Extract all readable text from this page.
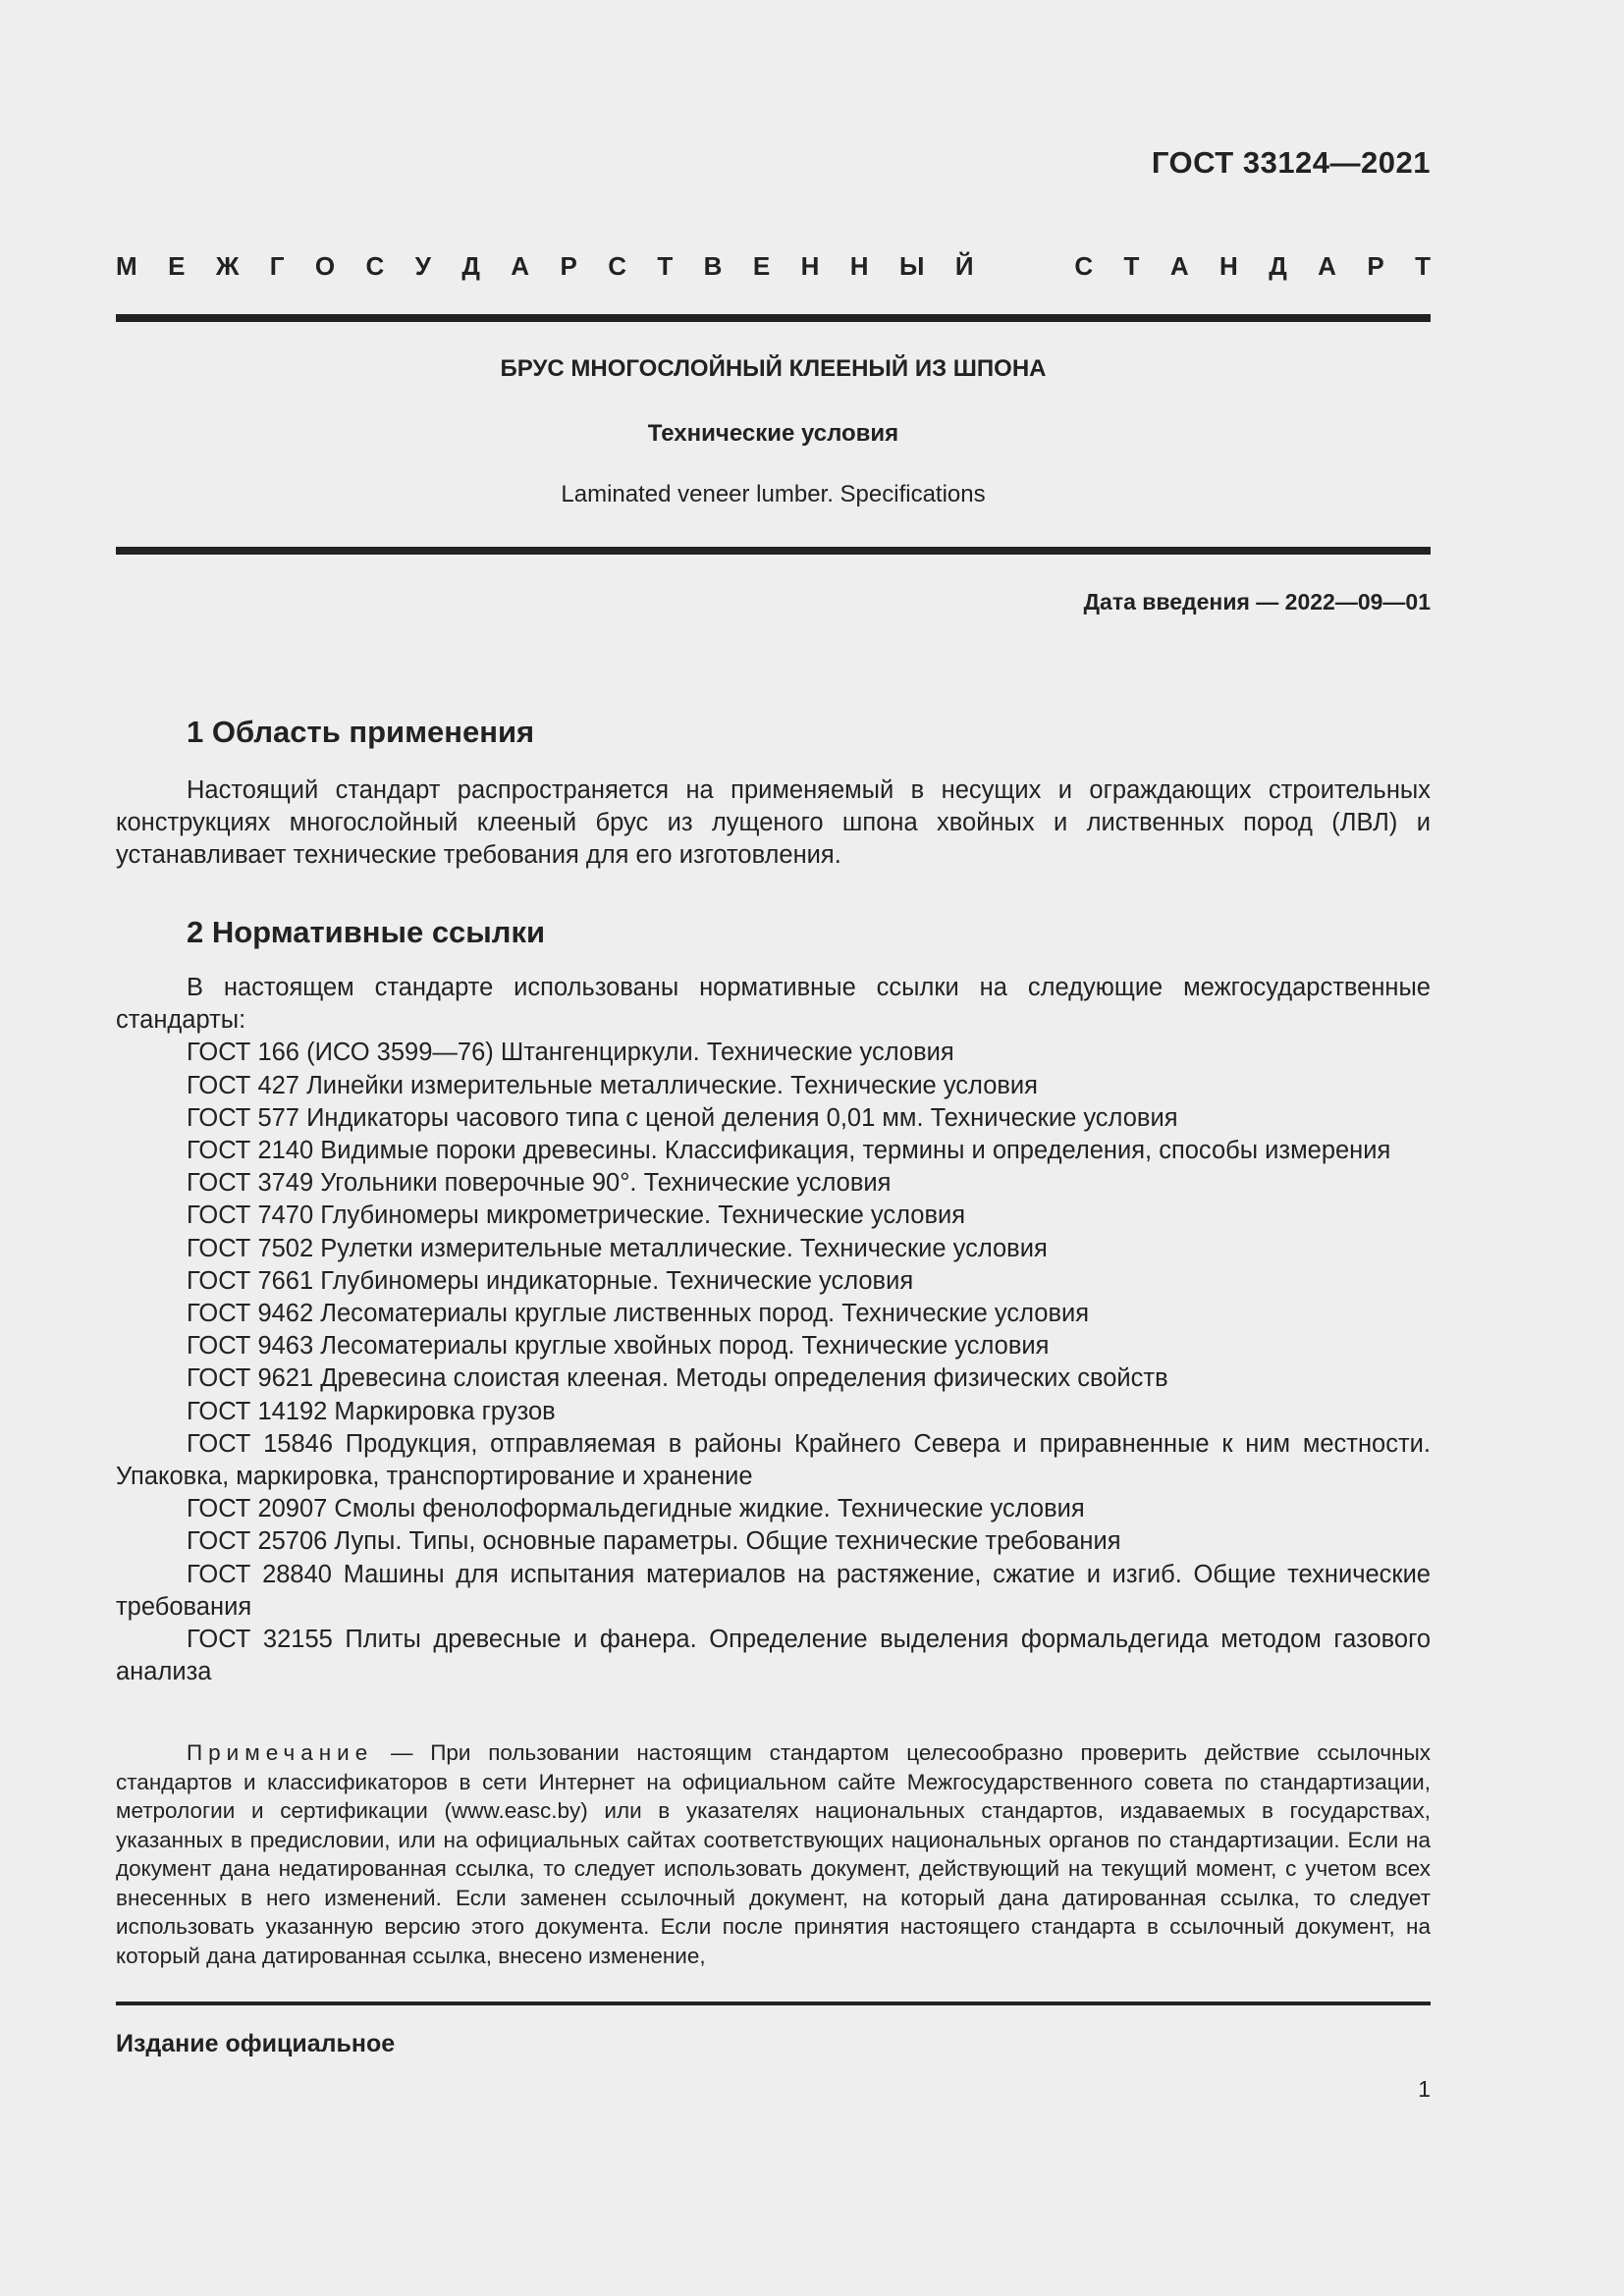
ГОСТ 33124—2021
М Е Ж Г О С У Д А Р С Т В Е Н Н Ы Й	С Т А Н Д А Р Т
БРУС МНОГОСЛОЙНЫЙ КЛЕЕНЫЙ ИЗ ШПОНА
Технические условия
Laminated veneer lumber. Specifications
Дата введения — 2022—09—01
1 Область применения
Настоящий стандарт распространяется на применяемый в несущих и ограждающих строительных конструкциях многослойный клееный брус из лущеного шпона хвойных и лиственных пород (ЛВЛ) и устанавливает технические требования для его изготовления.
2 Нормативные ссылки
В настоящем стандарте использованы нормативные ссылки на следующие межгосударственные стандарты:
ГОСТ 166 (ИСО 3599—76) Штангенциркули. Технические условия
ГОСТ 427 Линейки измерительные металлические. Технические условия
ГОСТ 577 Индикаторы часового типа с ценой деления 0,01 мм. Технические условия
ГОСТ 2140 Видимые пороки древесины. Классификация, термины и определения, способы измерения
ГОСТ 3749 Угольники поверочные 90°. Технические условия
ГОСТ 7470 Глубиномеры микрометрические. Технические условия
ГОСТ 7502 Рулетки измерительные металлические. Технические условия
ГОСТ 7661 Глубиномеры индикаторные. Технические условия
ГОСТ 9462 Лесоматериалы круглые лиственных пород. Технические условия
ГОСТ 9463 Лесоматериалы круглые хвойных пород. Технические условия
ГОСТ 9621 Древесина слоистая клееная. Методы определения физических свойств
ГОСТ 14192 Маркировка грузов
ГОСТ 15846 Продукция, отправляемая в районы Крайнего Севера и приравненные к ним местности. Упаковка, маркировка, транспортирование и хранение
ГОСТ 20907 Смолы фенолоформальдегидные жидкие. Технические условия
ГОСТ 25706 Лупы. Типы, основные параметры. Общие технические требования
ГОСТ 28840 Машины для испытания материалов на растяжение, сжатие и изгиб. Общие технические требования
ГОСТ 32155 Плиты древесные и фанера. Определение выделения формальдегида методом газового анализа
Примечание — При пользовании настоящим стандартом целесообразно проверить действие ссылочных стандартов и классификаторов в сети Интернет на официальном сайте Межгосударственного совета по стандартизации, метрологии и сертификации (www.easc.by) или в указателях национальных стандартов, издаваемых в государствах, указанных в предисловии, или на официальных сайтах соответствующих национальных органов по стандартизации. Если на документ дана недатированная ссылка, то следует использовать документ, действующий на текущий момент, с учетом всех внесенных в него изменений. Если заменен ссылочный документ, на который дана датированная ссылка, то следует использовать указанную версию этого документа. Если после принятия настоящего стандарта в ссылочный документ, на который дана датированная ссылка, внесено изменение,
Издание официальное
1
